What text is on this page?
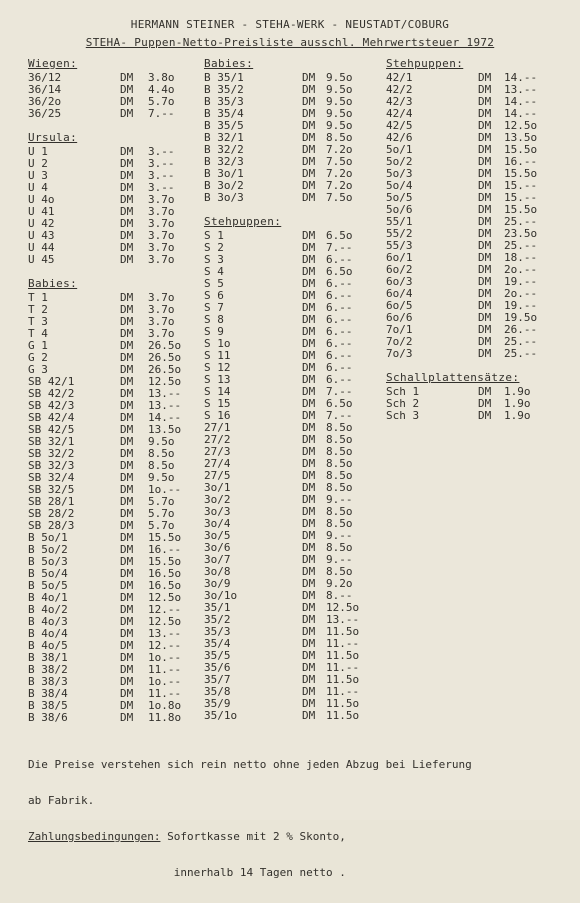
HERMANN STEINER - STEHA-WERK - NEUSTADT/COBURG
STEHA- Puppen-Netto-Preisliste ausschl. Mehrwertsteuer 1972
Wiegen:
36/12	DM 3.8o
36/14	DM 4.4o
36/2o	DM 5.7o
36/25	DM 7.--
Ursula:
U 1	DM 3.--
U 2	DM 3.--
U 3	DM 3.--
U 4	DM 3.--
U 4o	DM 3.7o
U 41	DM 3.7o
U 42	DM 3.7o
U 43	DM 3.7o
U 44	DM 3.7o
U 45	DM 3.7o
Babies:
T 1	DM 3.7o
T 2	DM 3.7o
T 3	DM 3.7o
T 4	DM 3.7o
G 1	DM 26.5o
G 2	DM 26.5o
G 3	DM 26.5o
SB 42/1	DM 12.5o
SB 42/2	DM 13.--
SB 42/3	DM 13.--
SB 42/4	DM 14.--
SB 42/5	DM 13.5o
SB 32/1	DM 9.5o
SB 32/2	DM 8.5o
SB 32/3	DM 8.5o
SB 32/4	DM 9.5o
SB 32/5	DM 1o.--
SB 28/1	DM 5.7o
SB 28/2	DM 5.7o
SB 28/3	DM 5.7o
B 5o/1	DM 15.5o
B 5o/2	DM 16.--
B 5o/3	DM 15.5o
B 5o/4	DM 16.5o
B 5o/5	DM 16.5o
B 4o/1	DM 12.5o
B 4o/2	DM 12.--
B 4o/3	DM 12.5o
B 4o/4	DM 13.--
B 4o/5	DM 12.--
B 38/1	DM 1o.--
B 38/2	DM 11.--
B 38/3	DM 1o.--
B 38/4	DM 11.--
B 38/5	DM 1o.8o
B 38/6	DM 11.8o
Babies:
B 35/1	DM 9.5o
B 35/2	DM 9.5o
B 35/3	DM 9.5o
B 35/4	DM 9.5o
B 35/5	DM 9.5o
B 32/1	DM 8.5o
B 32/2	DM 7.2o
B 32/3	DM 7.5o
B 3o/1	DM 7.2o
B 3o/2	DM 7.2o
B 3o/3	DM 7.5o
Stehpuppen:
S 1	DM 6.5o
S 2	DM 7.--
S 3	DM 6.--
S 4	DM 6.5o
S 5	DM 6.--
S 6	DM 6.--
S 7	DM 6.--
S 8	DM 6.--
S 9	DM 6.--
S 1o	DM 6.--
S 11	DM 6.--
S 12	DM 6.--
S 13	DM 6.--
S 14	DM 7.--
S 15	DM 6.5o
S 16	DM 7.--
27/1	DM 8.5o
27/2	DM 8.5o
27/3	DM 8.5o
27/4	DM 8.5o
27/5	DM 8.5o
3o/1	DM 8.5o
3o/2	DM 9.--
3o/3	DM 8.5o
3o/4	DM 8.5o
3o/5	DM 9.--
3o/6	DM 8.5o
3o/7	DM 9.--
3o/8	DM 8.5o
3o/9	DM 9.2o
3o/1o	DM 8.--
35/1	DM 12.5o
35/2	DM 13.--
35/3	DM 11.5o
35/4	DM 11.--
35/5	DM 11.5o
35/6	DM 11.--
35/7	DM 11.5o
35/8	DM 11.--
35/9	DM 11.5o
35/1o	DM 11.5o
Stehpuppen:
42/1	DM 14.--
42/2	DM 13.--
42/3	DM 14.--
42/4	DM 14.--
42/5	DM 12.5o
42/6	DM 13.5o
5o/1	DM 15.5o
5o/2	DM 16.--
5o/3	DM 15.5o
5o/4	DM 15.--
5o/5	DM 15.--
5o/6	DM 15.5o
55/1	DM 25.--
55/2	DM 23.5o
55/3	DM 25.--
6o/1	DM 18.--
6o/2	DM 2o.--
6o/3	DM 19.--
6o/4	DM 2o.--
6o/5	DM 19.--
6o/6	DM 19.5o
7o/1	DM 26.--
7o/2	DM 25.--
7o/3	DM 25.--
Schallplattensätze:
Sch 1	DM 1.9o
Sch 2	DM 1.9o
Sch 3	DM 1.9o

Die Preise verstehen sich rein netto ohne jeden Abzug bei Lieferung

ab Fabrik.

Zahlungsbedingungen: Sofortkasse mit 2 % Skonto,

innerhalb 14 Tagen netto .
